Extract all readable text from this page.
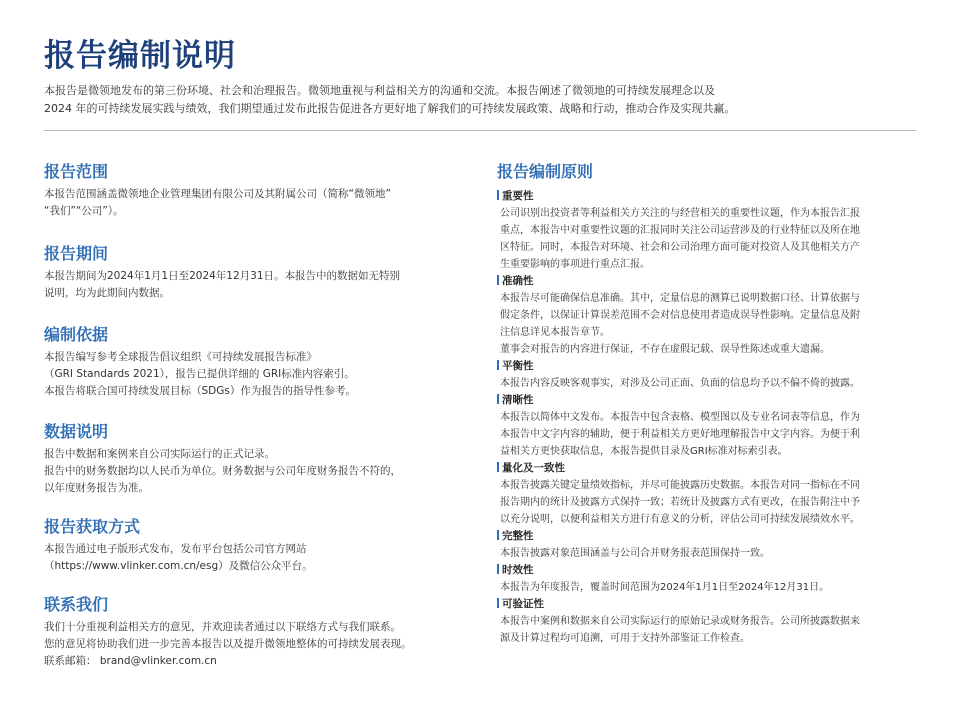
报告编制说明
本报告是微领地发布的第三份环境、社会和治理报告。微领地重视与利益相关方的沟通和交流。本报告阐述了微领地的可持续发展理念以及
2024 年的可持续发展实践与绩效，我们期望通过发布此报告促进各方更好地了解我们的可持续发展政策、战略和行动，推动合作及实现共赢。
报告范围
本报告范围涵盖微领地企业管理集团有限公司及其附属公司（简称“微领地”
“我们”“公司”）。
报告期间
本报告期间为2024年1月1日至2024年12月31日。本报告中的数据如无特别
说明，均为此期间内数据。
编制依据
本报告编写参考全球报告倡议组织《可持续发展报告标准》
（GRI Standards 2021），报告已提供详细的 GRI标准内容索引。
本报告将联合国可持续发展目标（SDGs）作为报告的指导性参考。
数据说明
报告中数据和案例来自公司实际运行的正式记录。
报告中的财务数据均以人民币为单位。财务数据与公司年度财务报告不符的，
以年度财务报告为准。
报告获取方式
本报告通过电子版形式发布，发布平台包括公司官方网站
（https://www.vlinker.com.cn/esg）及微信公众平台。
联系我们
我们十分重视利益相关方的意见，并欢迎读者通过以下联络方式与我们联系。
您的意见将协助我们进一步完善本报告以及提升微领地整体的可持续发展表现。
联系邮箱： brand@vlinker.com.cn
报告编制原则
重要性
公司识别出投资者等利益相关方关注的与经营相关的重要性议题，作为本报告汇报
重点，本报告中对重要性议题的汇报同时关注公司运营涉及的行业特征以及所在地
区特征。同时，本报告对环境、社会和公司治理方面可能对投资人及其他相关方产
生重要影响的事项进行重点汇报。
准确性
本报告尽可能确保信息准确。其中，定量信息的测算已说明数据口径、计算依据与
假定条件，以保证计算误差范围不会对信息使用者造成误导性影响。定量信息及附
注信息详见本报告章节。
董事会对报告的内容进行保证，不存在虚假记载、误导性陈述或重大遗漏。
平衡性
本报告内容反映客观事实，对涉及公司正面、负面的信息均予以不偏不倚的披露。
清晰性
本报告以简体中文发布。本报告中包含表格、模型图以及专业名词表等信息，作为
本报告中文字内容的辅助，便于利益相关方更好地理解报告中文字内容。为便于利
益相关方更快获取信息，本报告提供目录及GRI标准对标索引表。
量化及一致性
本报告披露关键定量绩效指标，并尽可能披露历史数据。本报告对同一指标在不同
报告期内的统计及披露方式保持一致；若统计及披露方式有更改，在报告附注中予
以充分说明，以便利益相关方进行有意义的分析，评估公司可持续发展绩效水平。
完整性
本报告披露对象范围涵盖与公司合并财务报表范围保持一致。
时效性
本报告为年度报告，覆盖时间范围为2024年1月1日至2024年12月31日。
可验证性
本报告中案例和数据来自公司实际运行的原始记录或财务报告。公司所披露数据来
源及计算过程均可追溯，可用于支持外部鉴证工作检查。
